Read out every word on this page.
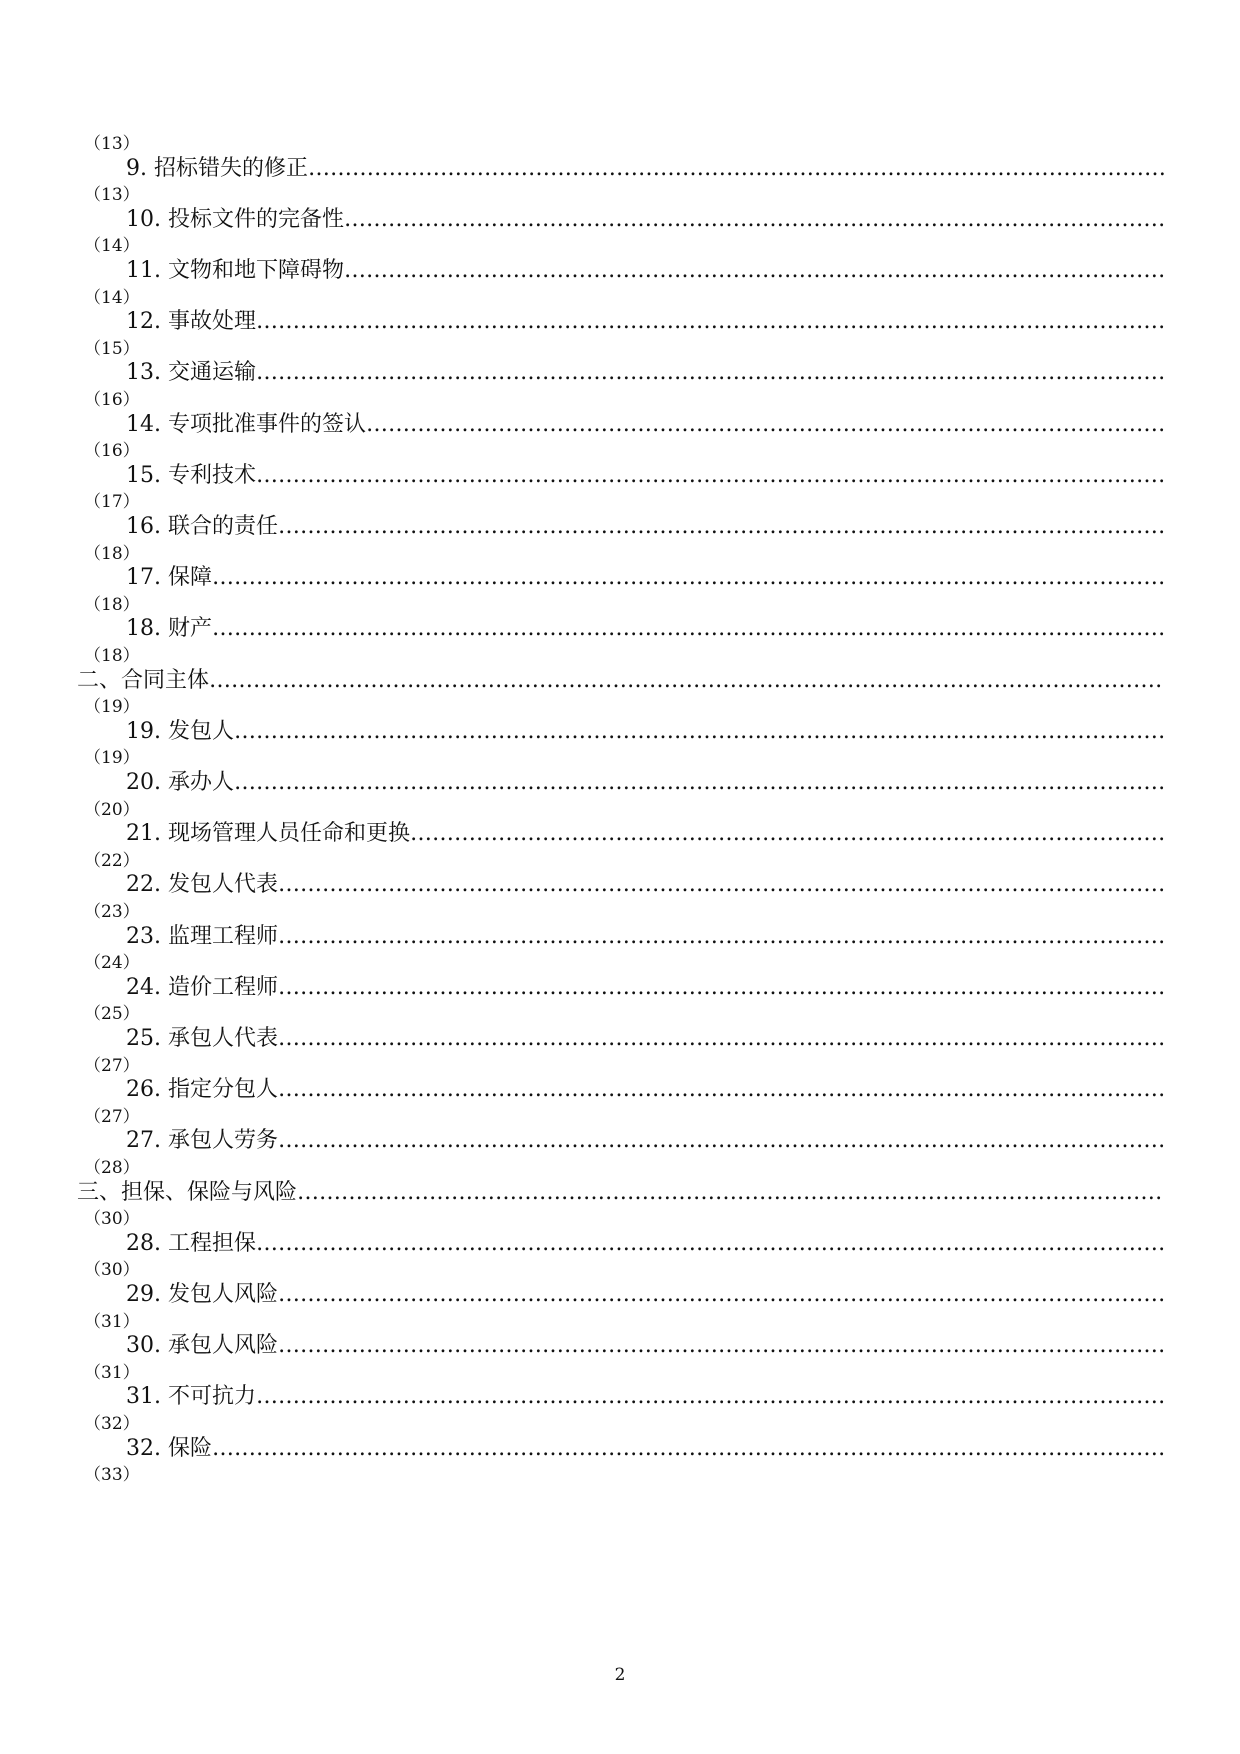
（13）
9. 招标错失的修正
……………………………………………………………………………………………………………………………………………………………………
（13）
10. 投标文件的完备性
……………………………………………………………………………………………………………………………………………………………………
（14）
11. 文物和地下障碍物
……………………………………………………………………………………………………………………………………………………………………
（14）
12. 事故处理
……………………………………………………………………………………………………………………………………………………………………
（15）
13. 交通运输
……………………………………………………………………………………………………………………………………………………………………
（16）
14. 专项批准事件的签认
……………………………………………………………………………………………………………………………………………………………………
（16）
15. 专利技术
……………………………………………………………………………………………………………………………………………………………………
（17）
16. 联合的责任
……………………………………………………………………………………………………………………………………………………………………
（18）
17. 保障
……………………………………………………………………………………………………………………………………………………………………
（18）
18. 财产
……………………………………………………………………………………………………………………………………………………………………
（18）
二、合同主体
……………………………………………………………………………………………………………………………………………………………………
（19）
19. 发包人
……………………………………………………………………………………………………………………………………………………………………
（19）
20. 承办人
……………………………………………………………………………………………………………………………………………………………………
（20）
21. 现场管理人员任命和更换
……………………………………………………………………………………………………………………………………………………………………
（22）
22. 发包人代表
……………………………………………………………………………………………………………………………………………………………………
（23）
23. 监理工程师
……………………………………………………………………………………………………………………………………………………………………
（24）
24. 造价工程师
……………………………………………………………………………………………………………………………………………………………………
（25）
25. 承包人代表
……………………………………………………………………………………………………………………………………………………………………
（27）
26. 指定分包人
……………………………………………………………………………………………………………………………………………………………………
（27）
27. 承包人劳务
……………………………………………………………………………………………………………………………………………………………………
（28）
三、担保、保险与风险
……………………………………………………………………………………………………………………………………………………………………
（30）
28. 工程担保
……………………………………………………………………………………………………………………………………………………………………
（30）
29. 发包人风险
……………………………………………………………………………………………………………………………………………………………………
（31）
30. 承包人风险
……………………………………………………………………………………………………………………………………………………………………
（31）
31. 不可抗力
……………………………………………………………………………………………………………………………………………………………………
（32）
32. 保险
……………………………………………………………………………………………………………………………………………………………………
（33）
2
